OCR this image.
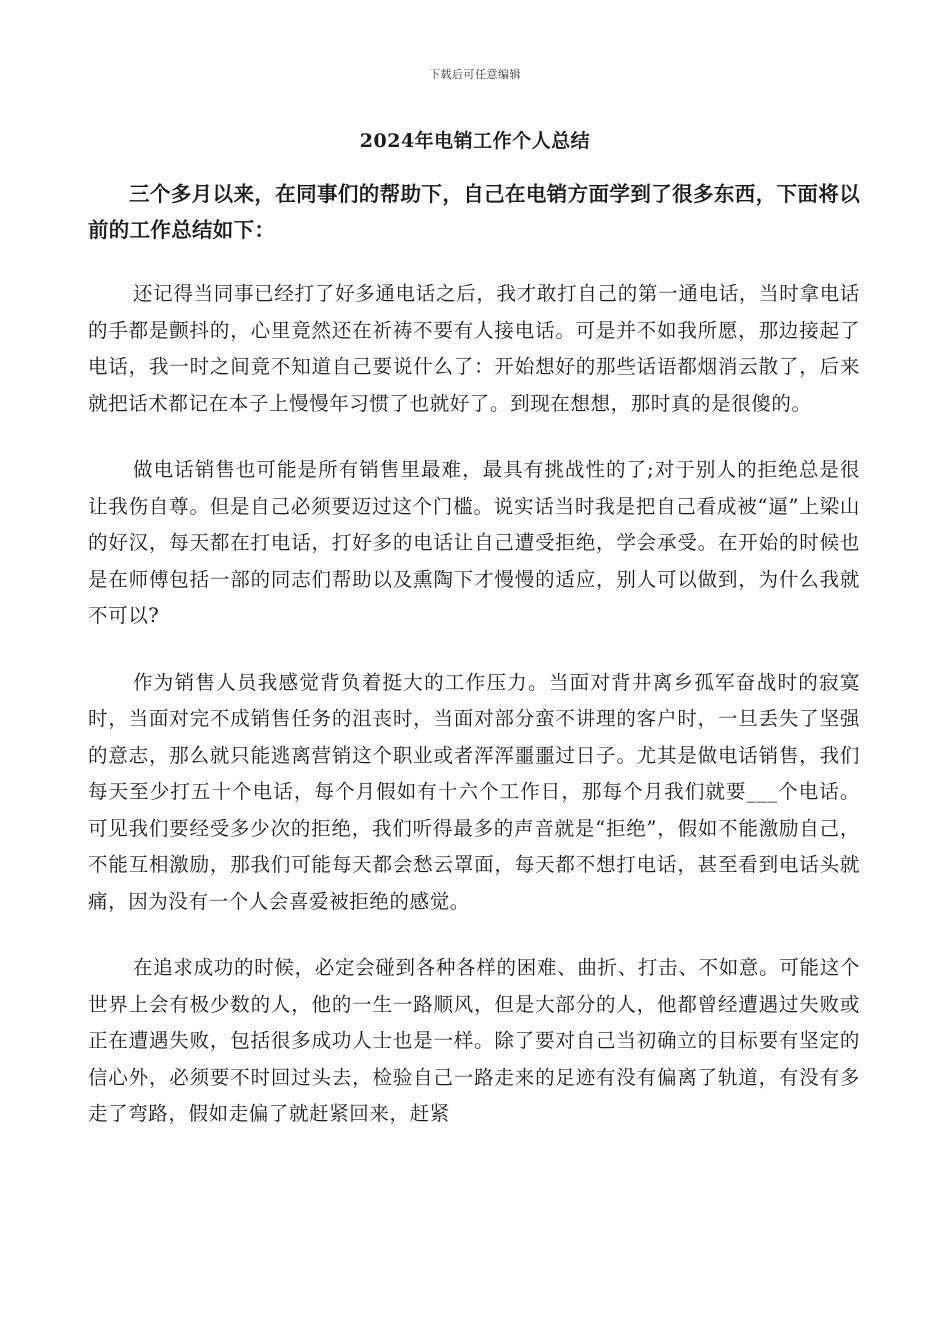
下载后可任意编辑
2024年电销工作个人总结

三个多月以来，在同事们的帮助下，自己在电销方面学到了很多东西，下面将以前的工作总结如下：

还记得当同事已经打了好多通电话之后，我才敢打自己的第一通电话，当时拿电话的手都是颤抖的，心里竟然还在祈祷不要有人接电话。可是并不如我所愿，那边接起了电话，我一时之间竟不知道自己要说什么了：开始想好的那些话语都烟消云散了，后来就把话术都记在本子上慢慢年习惯了也就好了。到现在想想，那时真的是很傻的。

做电话销售也可能是所有销售里最难，最具有挑战性的了;对于别人的拒绝总是很让我伤自尊。但是自己必须要迈过这个门槛。说实话当时我是把自己看成被“逼”上梁山的好汉，每天都在打电话，打好多的电话让自己遭受拒绝，学会承受。在开始的时候也是在师傅包括一部的同志们帮助以及熏陶下才慢慢的适应，别人可以做到，为什么我就不可以?

作为销售人员我感觉背负着挺大的工作压力。当面对背井离乡孤军奋战时的寂寞时，当面对完不成销售任务的沮丧时，当面对部分蛮不讲理的客户时，一旦丢失了坚强的意志，那么就只能逃离营销这个职业或者浑浑噩噩过日子。尤其是做电话销售，我们每天至少打五十个电话，每个月假如有十六个工作日，那每个月我们就要___个电话。可见我们要经受多少次的拒绝，我们听得最多的声音就是“拒绝”，假如不能激励自己，不能互相激励，那我们可能每天都会愁云罩面，每天都不想打电话，甚至看到电话头就痛，因为没有一个人会喜爱被拒绝的感觉。

在追求成功的时候，必定会碰到各种各样的困难、曲折、打击、不如意。可能这个世界上会有极少数的人，他的一生一路顺风，但是大部分的人，他都曾经遭遇过失败或正在遭遇失败，包括很多成功人士也是一样。除了要对自己当初确立的目标要有坚定的信心外，必须要不时回过头去，检验自己一路走来的足迹有没有偏离了轨道，有没有多走了弯路，假如走偏了就赶紧回来，赶紧
